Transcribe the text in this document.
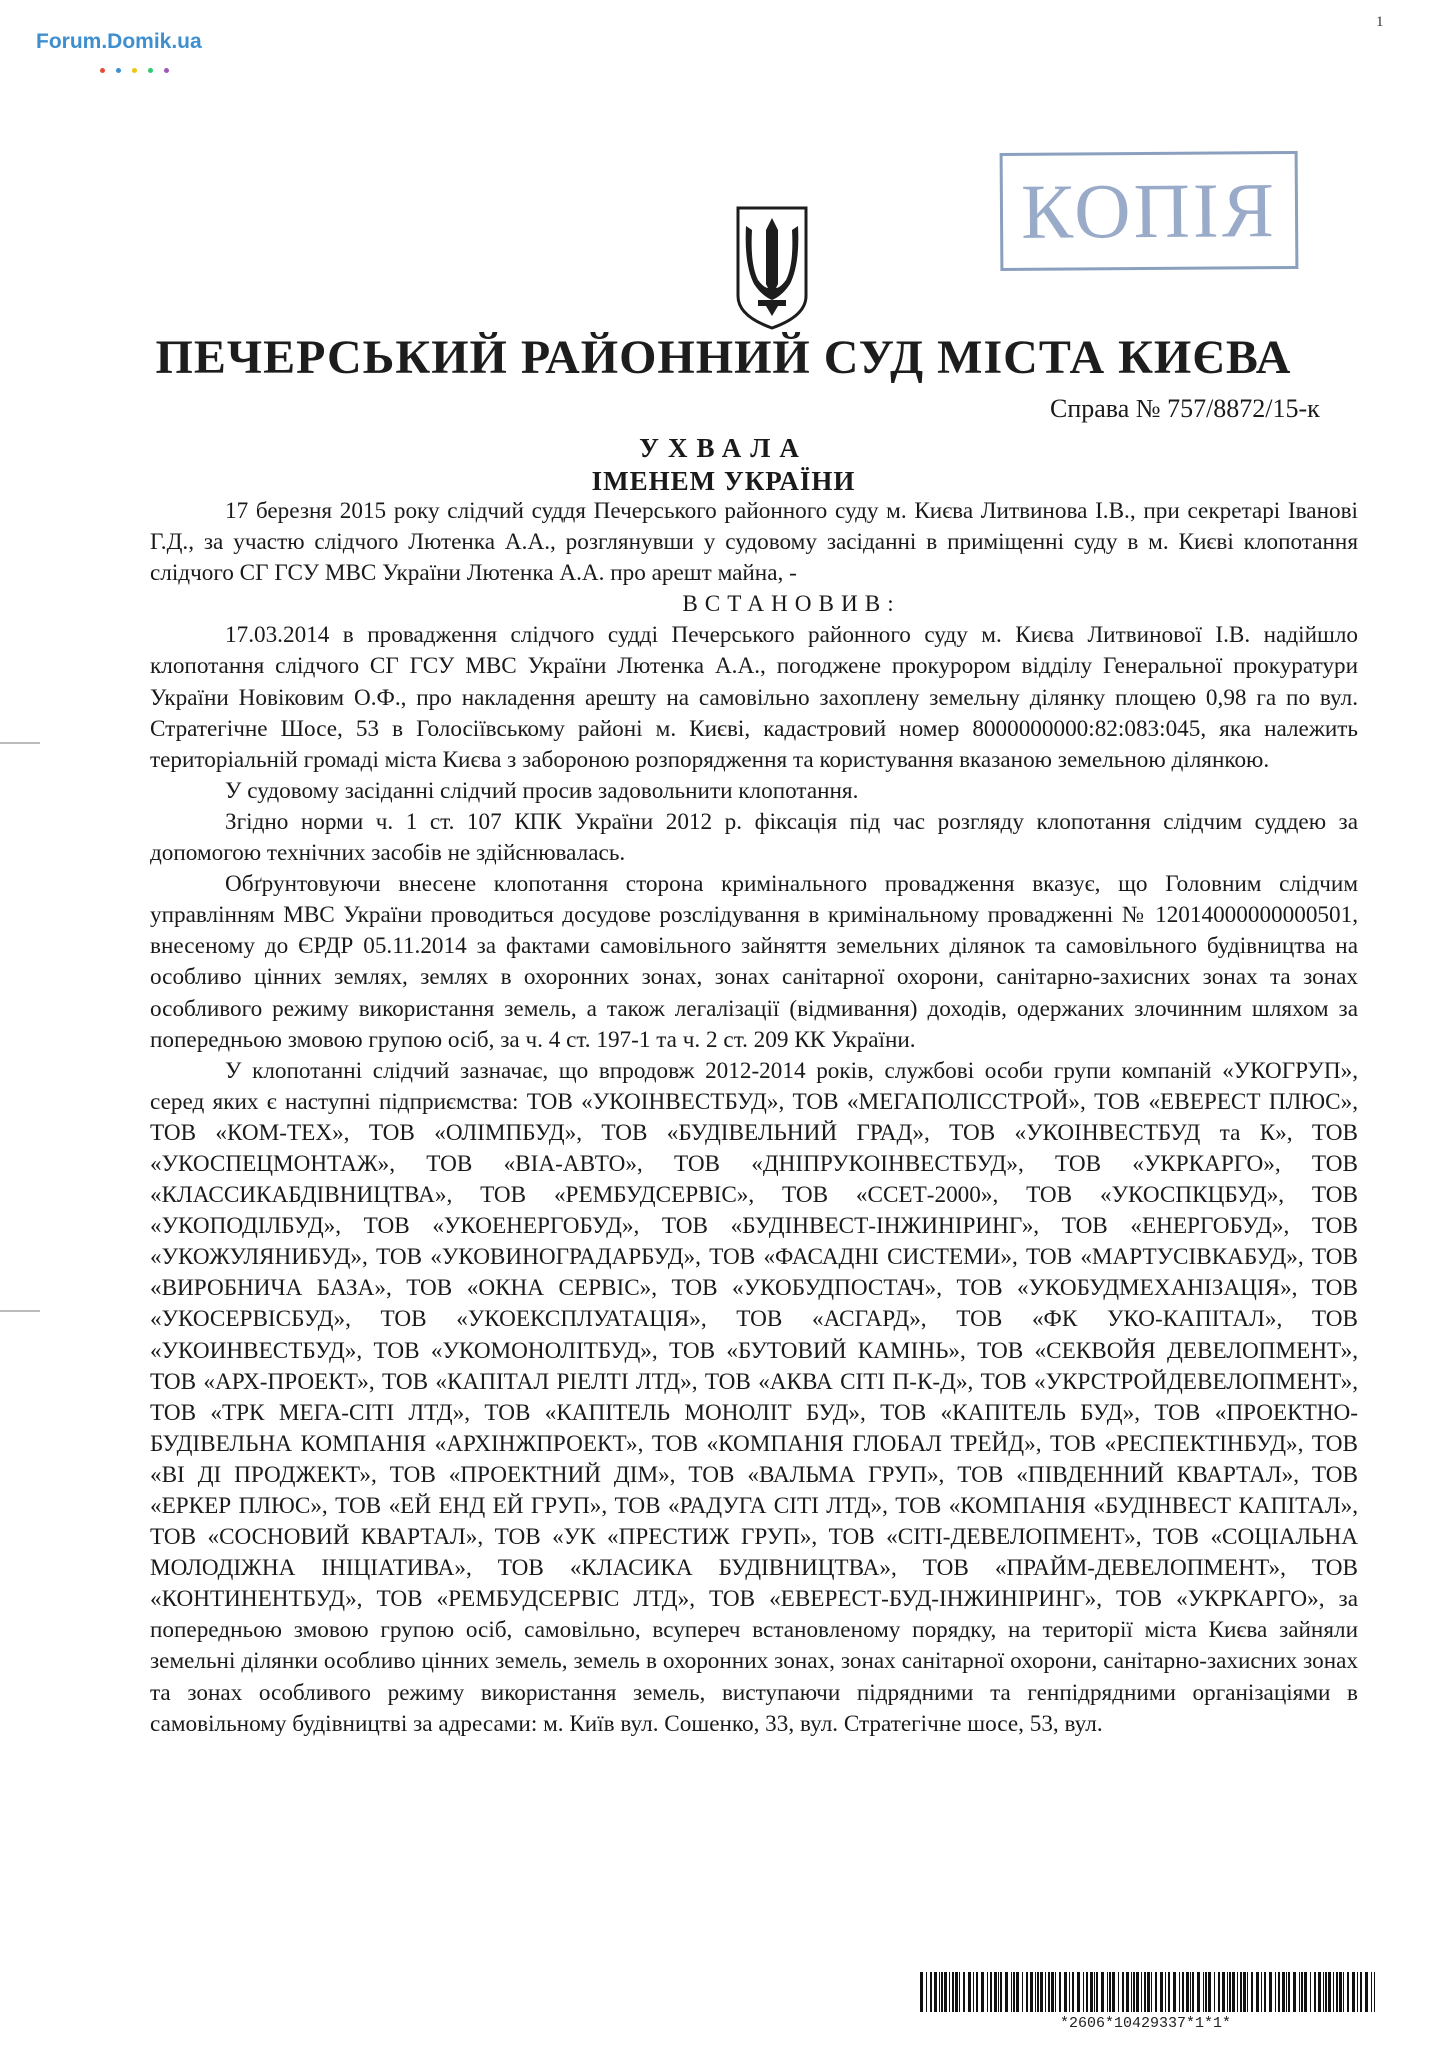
Forum.Domik.ua
1
КОПІЯ
ПЕЧЕРСЬКИЙ РАЙОННИЙ СУД МІСТА КИЄВА
Справа № 757/8872/15-к
УХВАЛА
ІМЕНЕМ УКРАЇНИ

17 березня 2015 року слідчий суддя Печерського районного суду м. Києва Литвинова І.В., при секретарі Іванові Г.Д., за участю слідчого Лютенка А.А., розглянувши у судовому засіданні в приміщенні суду в м. Києві клопотання слідчого СГ ГСУ МВС України Лютенка А.А. про арешт майна, -

ВСТАНОВИВ:

17.03.2014 в провадження слідчого судді Печерського районного суду м. Києва Литвинової І.В. надійшло клопотання слідчого СГ ГСУ МВС України Лютенка А.А., погоджене прокурором відділу Генеральної прокуратури України Новіковим О.Ф., про накладення арешту на самовільно захоплену земельну ділянку площею 0,98 га по вул. Стратегічне Шосе, 53 в Голосіївському районі м. Києві, кадастровий номер 8000000000:82:083:045, яка належить територіальній громаді міста Києва з забороною розпорядження та користування вказаною земельною ділянкою.

У судовому засіданні слідчий просив задовольнити клопотання.

Згідно норми ч. 1 ст. 107 КПК України 2012 р. фіксація під час розгляду клопотання слідчим суддею за допомогою технічних засобів не здійснювалась.

Обґрунтовуючи внесене клопотання сторона кримінального провадження вказує, що Головним слідчим управлінням МВС України проводиться досудове розслідування в кримінальному провадженні № 12014000000000501, внесеному до ЄРДР 05.11.2014 за фактами самовільного зайняття земельних ділянок та самовільного будівництва на особливо цінних землях, землях в охоронних зонах, зонах санітарної охорони, санітарно-захисних зонах та зонах особливого режиму використання земель, а також легалізації (відмивання) доходів, одержаних злочинним шляхом за попередньою змовою групою осіб, за ч. 4 ст. 197-1 та ч. 2 ст. 209 КК України.

У клопотанні слідчий зазначає, що впродовж 2012-2014 років, службові особи групи компаній «УКОГРУП», серед яких є наступні підприємства: ТОВ «УКОІНВЕСТБУД», ТОВ «МЕГАПОЛІССТРОЙ», ТОВ «ЕВЕРЕСТ ПЛЮС», ТОВ «КОМ-ТЕХ», ТОВ «ОЛІМПБУД», ТОВ «БУДІВЕЛЬНИЙ ГРАД», ТОВ «УКОІНВЕСТБУД та К», ТОВ «УКОСПЕЦМОНТАЖ», ТОВ «ВІА-АВТО», ТОВ «ДНІПРУКОІНВЕСТБУД», ТОВ «УКРКАРГО», ТОВ «КЛАССИКАБДІВНИЦТВА», ТОВ «РЕМБУДСЕРВІС», ТОВ «ССЕТ-2000», ТОВ «УКОСПКЦБУД», ТОВ «УКОПОДІЛБУД», ТОВ «УКОЕНЕРГОБУД», ТОВ «БУДІНВЕСТ-ІНЖИНІРИНГ», ТОВ «ЕНЕРГОБУД», ТОВ «УКОЖУЛЯНИБУД», ТОВ «УКОВИНОГРАДАРБУД», ТОВ «ФАСАДНІ СИСТЕМИ», ТОВ «МАРТУСІВКАБУД», ТОВ «ВИРОБНИЧА БАЗА», ТОВ «ОКНА СЕРВІС», ТОВ «УКОБУДПОСТАЧ», ТОВ «УКОБУДМЕХАНІЗАЦІЯ», ТОВ «УКОСЕРВІСБУД», ТОВ «УКОЕКСПЛУАТАЦІЯ», ТОВ «АСГАРД», ТОВ «ФК УКО-КАПІТАЛ», ТОВ «УКОИНВЕСТБУД», ТОВ «УКОМОНОЛІТБУД», ТОВ «БУТОВИЙ КАМІНЬ», ТОВ «СЕКВОЙЯ ДЕВЕЛОПМЕНТ», ТОВ «АРХ-ПРОЕКТ», ТОВ «КАПІТАЛ РІЕЛТІ ЛТД», ТОВ «АКВА СІТІ П-К-Д», ТОВ «УКРСТРОЙДЕВЕЛОПМЕНТ», ТОВ «ТРК МЕГА-СІТІ ЛТД», ТОВ «КАПІТЕЛЬ МОНОЛІТ БУД», ТОВ «КАПІТЕЛЬ БУД», ТОВ «ПРОЕКТНО-БУДІВЕЛЬНА КОМПАНІЯ «АРХІНЖПРОЕКТ», ТОВ «КОМПАНІЯ ГЛОБАЛ ТРЕЙД», ТОВ «РЕСПЕКТІНБУД», ТОВ «ВІ ДІ ПРОДЖЕКТ», ТОВ «ПРОЕКТНИЙ ДІМ», ТОВ «ВАЛЬМА ГРУП», ТОВ «ПІВДЕННИЙ КВАРТАЛ», ТОВ «ЕРКЕР ПЛЮС», ТОВ «ЕЙ ЕНД ЕЙ ГРУП», ТОВ «РАДУГА СІТІ ЛТД», ТОВ «КОМПАНІЯ «БУДІНВЕСТ КАПІТАЛ», ТОВ «СОСНОВИЙ КВАРТАЛ», ТОВ «УК «ПРЕСТИЖ ГРУП», ТОВ «СІТІ-ДЕВЕЛОПМЕНТ», ТОВ «СОЦІАЛЬНА МОЛОДІЖНА ІНІЦІАТИВА», ТОВ «КЛАСИКА БУДІВНИЦТВА», ТОВ «ПРАЙМ-ДЕВЕЛОПМЕНТ», ТОВ «КОНТИНЕНТБУД», ТОВ «РЕМБУДСЕРВІС ЛТД», ТОВ «ЕВЕРЕСТ-БУД-ІНЖИНІРИНГ», ТОВ «УКРКАРГО», за попередньою змовою групою осіб, самовільно, всупереч встановленому порядку, на території міста Києва зайняли земельні ділянки особливо цінних земель, земель в охоронних зонах, зонах санітарної охорони, санітарно-захисних зонах та зонах особливого режиму використання земель, виступаючи підрядними та генпідрядними організаціями в самовільному будівництві за адресами: м. Київ вул. Сошенко, 33, вул. Стратегічне шосе, 53, вул.

*2606*10429337*1*1*
